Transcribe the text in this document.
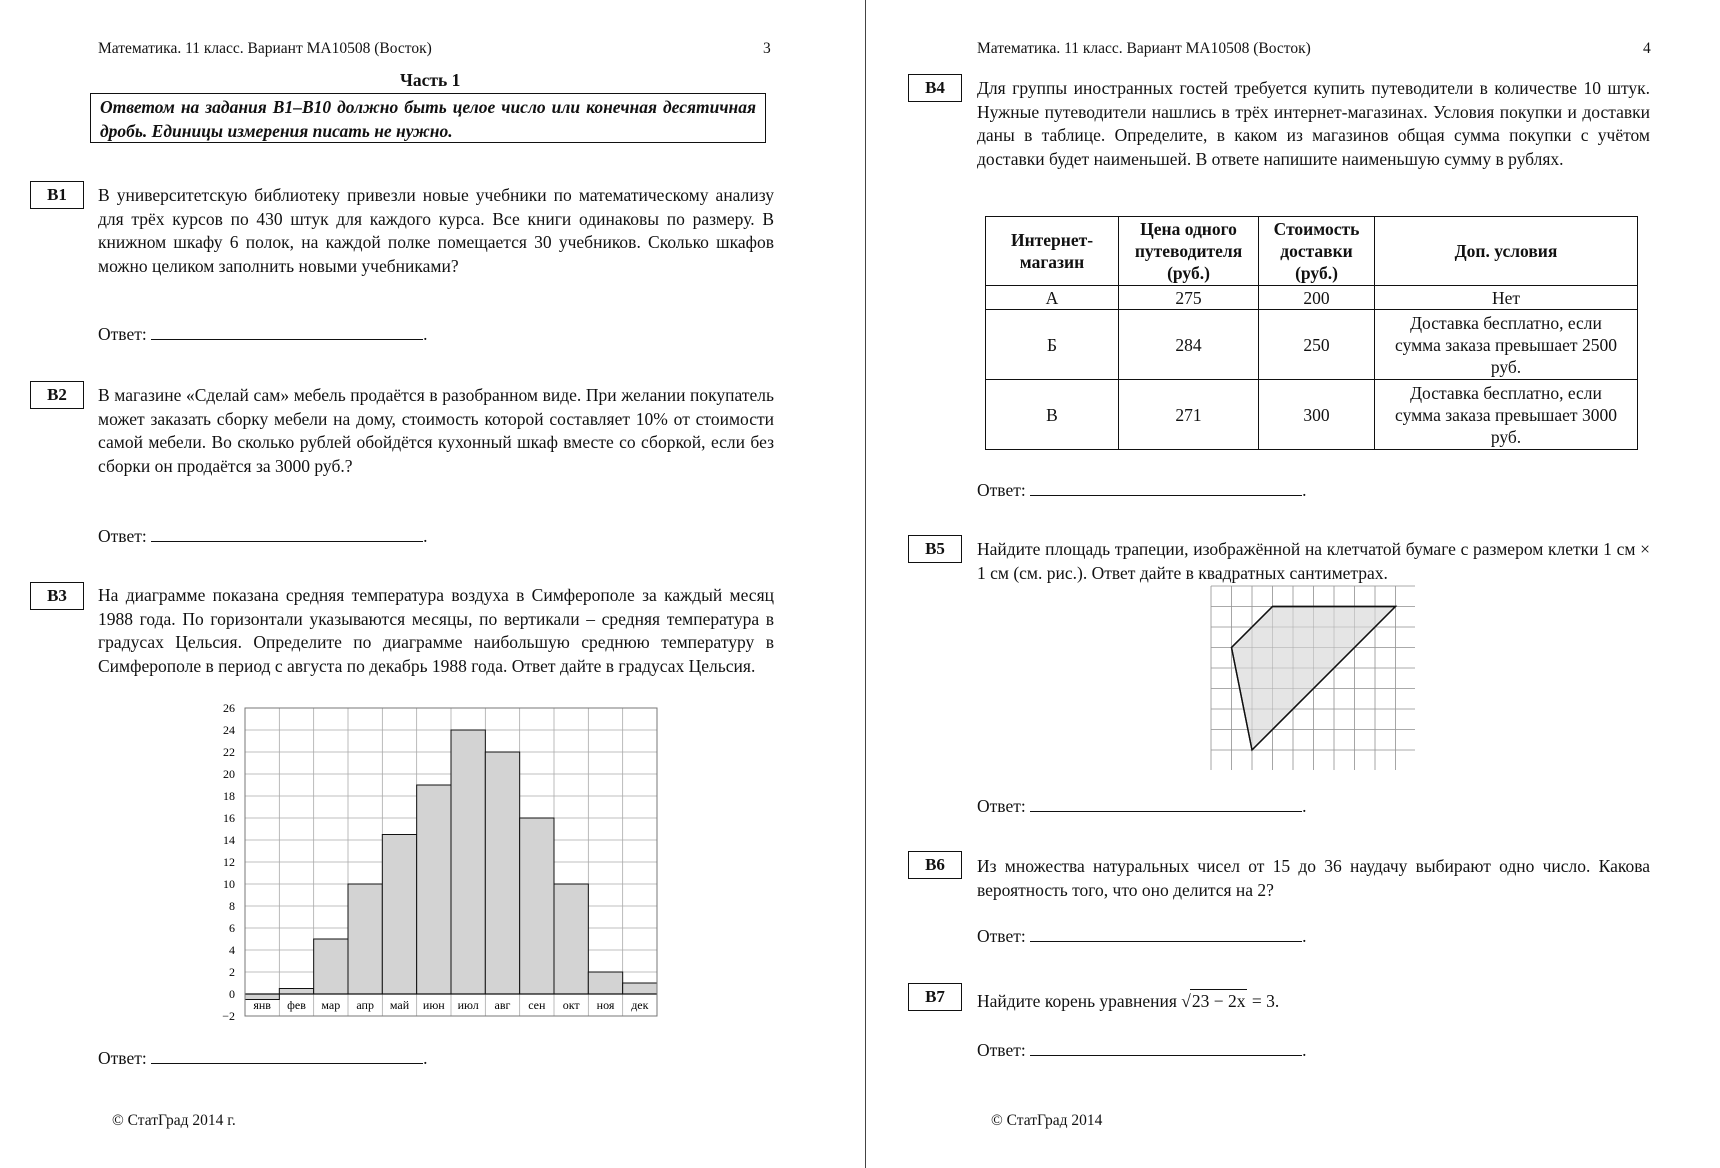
Математика. 11 класс. Вариант МА10508 (Восток)	3
Часть 1
Ответом на задания В1–В10 должно быть целое число или конечная десятичная дробь. Единицы измерения писать не нужно.
B1	В университетскую библиотеку привезли новые учебники по математическому анализу для трёх курсов по 430 штук для каждого курса. Все книги одинаковы по размеру. В книжном шкафу 6 полок, на каждой полке помещается 30 учебников. Сколько шкафов можно целиком заполнить новыми учебниками?
Ответ:	.
B2	В магазине «Сделай сам» мебель продаётся в разобранном виде. При желании покупатель может заказать сборку мебели на дому, стоимость которой составляет 10% от стоимости самой мебели. Во сколько рублей обойдётся кухонный шкаф вместе со сборкой, если без сборки он продаётся за 3000 руб.?
Ответ:	.
B3	На диаграмме показана средняя температура воздуха в Симферополе за каждый месяц 1988 года. По горизонтали указываются месяцы, по вертикали – средняя температура в градусах Цельсия. Определите по диаграмме наибольшую среднюю температуру в Симферополе в период с августа по декабрь 1988 года. Ответ дайте в градусах Цельсия.
−2
0
2
4
6
8
10
12
14
16
18
20
22
24
26
янв фев мар апр май июн июл авг сен окт ноя дек
Ответ:	.
© СтатГрад 2014 г.
Математика. 11 класс. Вариант МА10508 (Восток)	4
B4	Для группы иностранных гостей требуется купить путеводители в количестве 10 штук. Нужные путеводители нашлись в трёх интернет-магазинах. Условия покупки и доставки даны в таблице. Определите, в каком из магазинов общая сумма покупки с учётом доставки будет наименьшей. В ответе напишите наименьшую сумму в рублях.
Интернет-магазин	Цена одного путеводителя (руб.)	Стоимость доставки (руб.)	Доп. условия
А	275	200	Нет
Б	284	250	Доставка бесплатно, если сумма заказа превышает 2500 руб.
В	271	300	Доставка бесплатно, если сумма заказа превышает 3000 руб.
Ответ:	.
B5	Найдите площадь трапеции, изображённой на клетчатой бумаге с размером клетки 1 см × 1 см (см. рис.). Ответ дайте в квадратных сантиметрах.
Ответ:	.
B6	Из множества натуральных чисел от 15 до 36 наудачу выбирают одно число. Какова вероятность того, что оно делится на 2?
Ответ:	.
B7	Найдите корень уравнения √23 − 2x = 3.
Ответ:	.
© СтатГрад 2014
